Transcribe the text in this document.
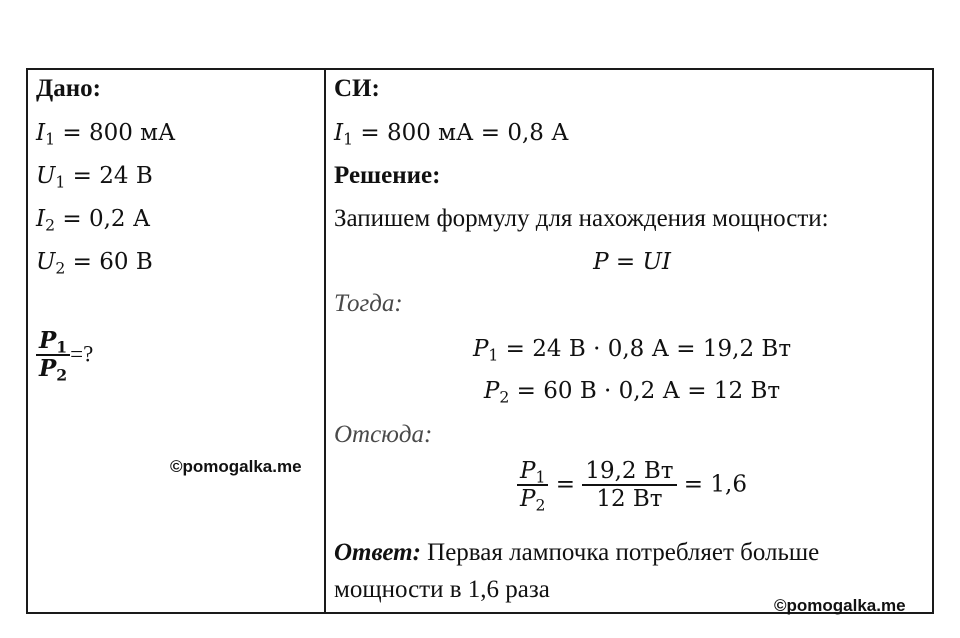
Дано:
$I_1 = 800$ мА
$U_1 = 24$ В
$I_2 = 0,2$ А
$U_2 = 60$ В
$\frac{P_1}{P_2}$ =?
СИ:
$I_1 = 800$ мА = 0,8 А
Решение:
Запишем формулу для нахождения мощности:
P = UI
Тогда:
$P_1 = 24$ В · 0,8 А = 19,2 Вт
$P_2 = 60$ В · 0,2 А = 12 Вт
Отсюда:
$\frac{P_1}{P_2} = \frac{19,2 Вт}{12 Вт} = 1,6$
Ответ: Первая лампочка потребляет больше
мощности в 1,6 раза
©pomogalka.me
©pomogalka.me
